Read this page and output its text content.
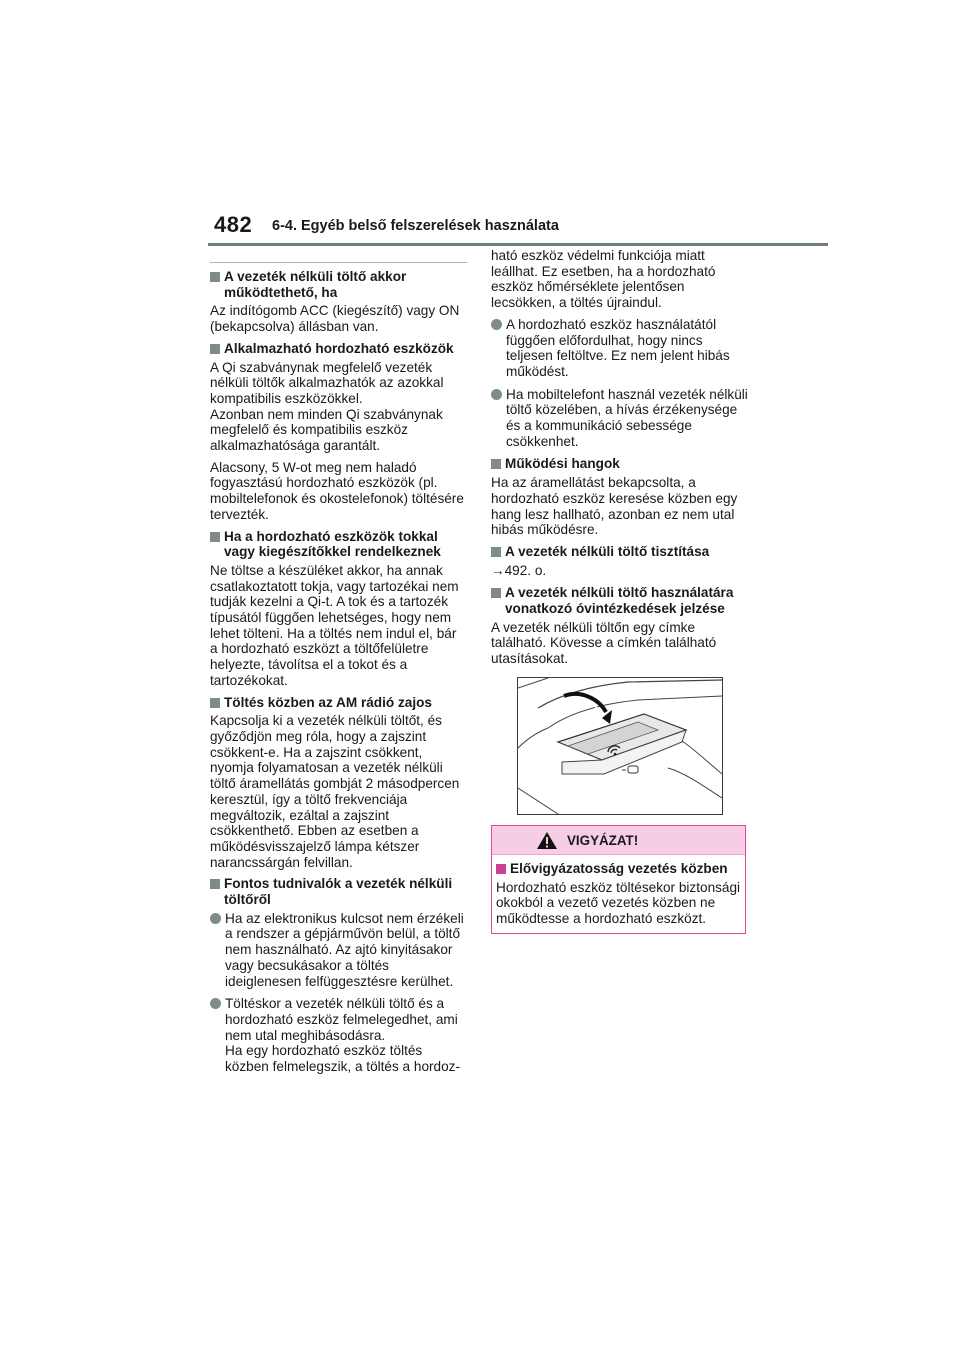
482 6-4. Egyéb belső felszerelések használata
A vezeték nélküli töltő akkor működtethető, ha
Az indítógomb ACC (kiegészítő) vagy ON (bekapcsolva) állásban van.
Alkalmazható hordozható eszközök
A Qi szabványnak megfelelő vezeték nélküli töltők alkalmazhatók az azokkal kompatibilis eszközökkel.
Azonban nem minden Qi szabványnak megfelelő és kompatibilis eszköz alkalmazhatósága garantált.
Alacsony, 5 W-ot meg nem haladó fogyasztású hordozható eszközök (pl. mobiltelefonok és okostelefonok) töltésére tervezték.
Ha a hordozható eszközök tokkal vagy kiegészítőkkel rendelkeznek
Ne töltse a készüléket akkor, ha annak csatlakoztatott tokja, vagy tartozékai nem tudják kezelni a Qi-t. A tok és a tartozék típusától függően lehetséges, hogy nem lehet tölteni. Ha a töltés nem indul el, bár a hordozható eszközt a töltőfelületre helyezte, távolítsa el a tokot és a tartozékokat.
Töltés közben az AM rádió zajos
Kapcsolja ki a vezeték nélküli töltőt, és győződjön meg róla, hogy a zajszint csökkent-e. Ha a zajszint csökkent, nyomja folyamatosan a vezeték nélküli töltő áramellátás gombját 2 másodpercen keresztül, így a töltő frekvenciája megváltozik, ezáltal a zajszint csökkenthető. Ebben az esetben a működésvisszajelző lámpa kétszer narancssárgán felvillan.
Fontos tudnivalók a vezeték nélküli töltőről
Ha az elektronikus kulcsot nem érzékeli a rendszer a gépjárművön belül, a töltő nem használható. Az ajtó kinyitásakor vagy becsukásakor a töltés ideiglenesen felfüggesztésre kerülhet.
Töltéskor a vezeték nélküli töltő és a hordozható eszköz felmelegedhet, ami nem utal meghibásodásra.
Ha egy hordozható eszköz töltés közben felmelegszik, a töltés a hordoz-
ható eszköz védelmi funkciója miatt leállhat. Ez esetben, ha a hordozható eszköz hőmérséklete jelentősen lecsökken, a töltés újraindul.
A hordozható eszköz használatától függően előfordulhat, hogy nincs teljesen feltöltve. Ez nem jelent hibás működést.
Ha mobiltelefont használ vezeték nélküli töltő közelében, a hívás érzékenysége és a kommunikáció sebessége csökkenhet.
Működési hangok
Ha az áramellátást bekapcsolta, a hordozható eszköz keresése közben egy hang lesz hallható, azonban ez nem utal hibás működésre.
A vezeték nélküli töltő tisztítása
→492. o.
A vezeték nélküli töltő használatára vonatkozó óvintézkedések jelzése
A vezeték nélküli töltőn egy címke található. Kövesse a címkén található utasításokat.
VIGYÁZAT!
Elővigyázatosság vezetés közben
Hordozható eszköz töltésekor biztonsági okokból a vezető vezetés közben ne működtesse a hordozható eszközt.
